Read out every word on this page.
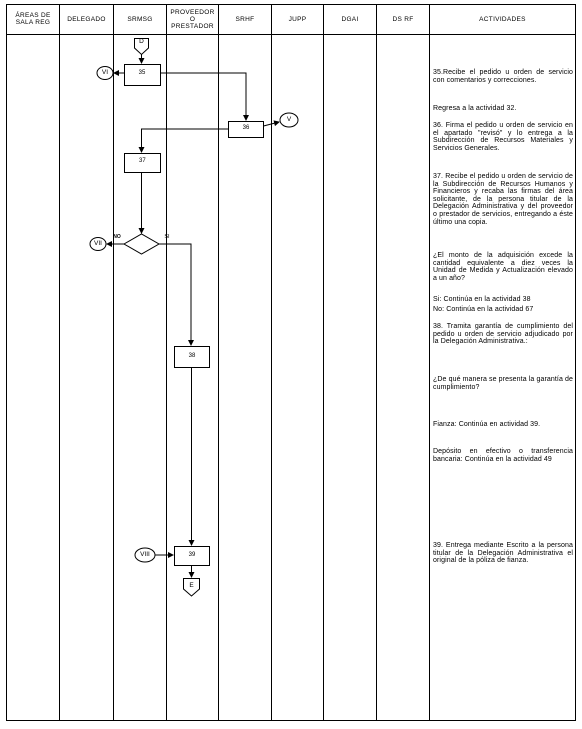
ÁREAS DE
SALA REG	DELEGADO	SRMSG
PROVEEDOR
O
PRESTADOR
SRHF	JUPP	DGAI	DS RF	ACTIVIDADES
D
35
VI
36
V
37
VII
NO	SI
38
VIII	39
E
35.Recibe el pedido u orden de servicio con comentarios y correcciones.
Regresa a la actividad 32.
36. Firma el pedido u orden de servicio en el apartado "revisó" y lo entrega a la Subdirección de Recursos Materiales y Servicios Generales.
37. Recibe el pedido u orden de servicio de la Subdirección de Recursos Humanos y Financieros y recaba las firmas del área solicitante, de la persona titular de la Delegación Administrativa y del proveedor o prestador de servicios, entregando a éste último una copia.
¿El monto de la adquisición excede la cantidad equivalente a diez veces la Unidad de Medida y Actualización elevado a un año?
Si: Continúa en la actividad 38
No: Continúa en la actividad 67
38. Tramita garantía de cumplimiento del pedido u orden de servicio adjudicado por la Delegación Administrativa.:
¿De qué manera se presenta la garantía de cumplimiento?
Fianza: Continúa en actividad 39.
Depósito en efectivo o transferencia bancaria: Continúa en la actividad 49
39. Entrega mediante Escrito a la persona titular de la Delegación Administrativa el original de la póliza de fianza.
